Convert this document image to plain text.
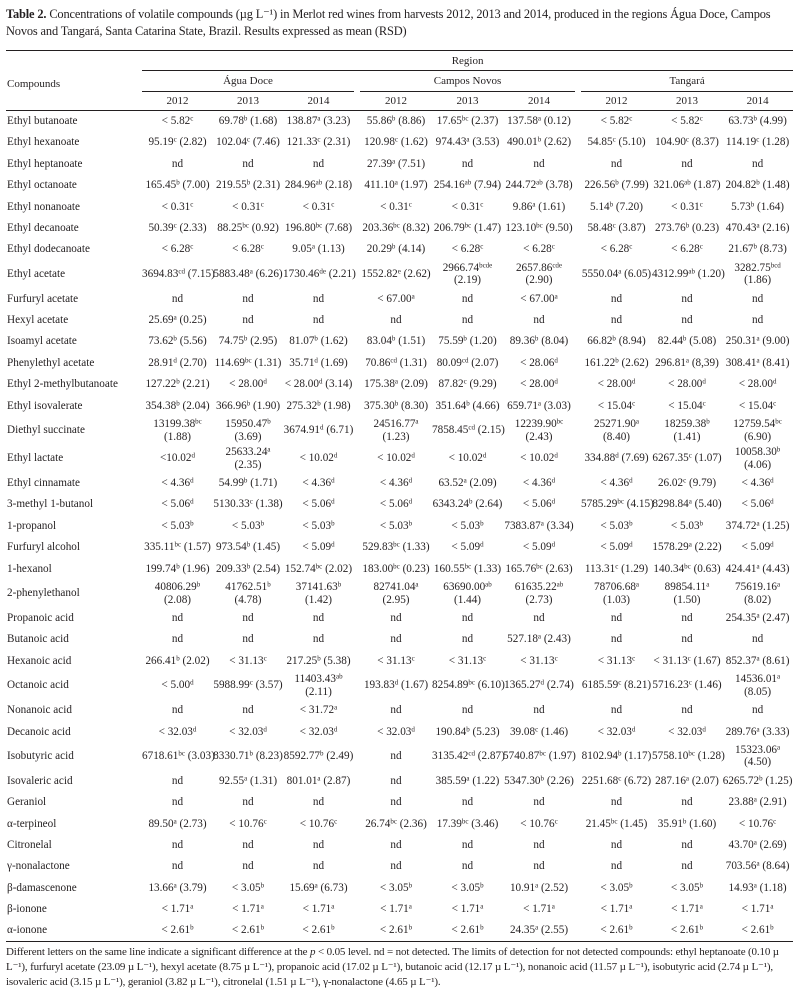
Table 2. Concentrations of volatile compounds (µg L⁻¹) in Merlot red wines from harvests 2012, 2013 and 2014, produced in the regions Água Doce, Campos Novos and Tangará, Santa Catarina State, Brazil. Results expressed as mean (RSD)

Compounds	Region
Água Doce		Campos Novos		Tangará
	2012	2013	2014		2012	2013	2014		2012	2013	2014
Ethyl butanoate	< 5.82$^c$	69.78$^b$ (1.68)	138.87$^a$ (3.23)		55.86$^b$ (8.86)	17.65$^{bc}$ (2.37)	137.58$^a$ (0.12)		< 5.82$^c$	< 5.82$^c$	63.73$^b$ (4.99)
Ethyl hexanoate	95.19$^c$ (2.82)	102.04$^c$ (7.46)	121.33$^c$ (2.31)		120.98$^c$ (1.62)	974.43$^a$ (3.53)	490.01$^b$ (2.62)		54.85$^c$ (5.10)	104.90$^c$ (8.37)	114.19$^c$ (1.28)
Ethyl heptanoate	nd	nd	nd		27.39$^a$ (7.51)	nd	nd		nd	nd	nd
Ethyl octanoate	165.45$^b$ (7.00)	219.55$^b$ (2.31)	284.96$^{ab}$ (2.18)		411.10$^a$ (1.97)	254.16$^{ab}$ (7.94)	244.72$^{ab}$ (3.78)		226.56$^b$ (7.99)	321.06$^{ab}$ (1.87)	204.82$^b$ (1.48)
Ethyl nonanoate	< 0.31$^c$	< 0.31$^c$	< 0.31$^c$		< 0.31$^c$	< 0.31$^c$	9.86$^a$ (1.61)		5.14$^b$ (7.20)	< 0.31$^c$	5.73$^b$ (1.64)
Ethyl decanoate	50.39$^c$ (2.33)	88.25$^{bc}$ (0.92)	196.80$^{bc}$ (7.68)		203.36$^{bc}$ (8.32)	206.79$^{bc}$ (1.47)	123.10$^{bc}$ (9.50)		58.48$^c$ (3.87)	273.76$^b$ (0.23)	470.43$^a$ (2.16)
Ethyl dodecanoate	< 6.28$^c$	< 6.28$^c$	9.05$^a$ (1.13)		20.29$^b$ (4.14)	< 6.28$^c$	< 6.28$^c$		< 6.28$^c$	< 6.28$^c$	21.67$^b$ (8.73)
Ethyl acetate	3694.83$^{cd}$ (7.15)	5883.48$^a$ (6.26)	1730.46de (2.21)		1552.82e (2.62)	$2966.74^{bcde}$
(2.19)	2657.86$^{cde}$
(2.90)		5550.04$^a$ (6.05)	4312.99$^{ab}$ (1.20)	3282.75$^{bcd}$
(1.86)
Furfuryl acetate	nd	nd	nd		< 67.00$^a$	nd	< 67.00$^a$		nd	nd	nd
Hexyl acetate	25.69$^a$ (0.25)	nd	nd		nd	nd	nd		nd	nd	nd
Isoamyl acetate	73.62$^b$ (5.56)	74.75$^b$ (2.95)	81.07$^b$ (1.62)		83.04$^b$ (1.51)	75.59$^b$ (1.20)	89.36$^b$ (8.04)		66.82$^b$ (8.94)	82.44$^b$ (5.08)	250.31$^a$ (9.00)
Phenylethyl acetate	28.91$^d$ (2.70)	114.69$^{bc}$ (1.31)	35.71$^d$ (1.69)		70.86$^{cd}$ (1.31)	80.09$^{cd}$ (2.07)	< 28.06$^d$		161.22$^b$ (2.62)	296.81$^a$ (8,39)	308.41$^a$ (8.41)
Ethyl 2-methylbutanoate	127.22$^b$ (2.21)	< 28.00$^d$	< 28.00$^d$ (3.14)		175.38$^a$ (2.09)	87.82$^c$ (9.29)	< 28.00$^d$		< 28.00$^d$	< 28.00$^d$	< 28.00$^d$
Ethyl isovalerate	354.38$^b$ (2.04)	366.96$^b$ (1.90)	275.32$^b$ (1.98)		375.30$^b$ (8.30)	351.64$^b$ (4.66)	659.71$^a$ (3.03)		< 15.04$^c$	< 15.04$^c$	< 15.04$^c$
Diethyl succinate	13199.38$^{bc}$
(1.88)	15950.47$^b$
(3.69)	3674.91$^d$ (6.71)		24516.77$^a$
(1.23)	7858.45$^{cd}$ (2.15)	12239.90$^{bc}$
(2.43)		25271.90$^a$
(8.40)	18259.38$^b$
(1.41)	12759.54$^{bc}$
(6.90)
Ethyl lactate	<10.02$^d$	25633.24$^a$
(2.35)	< 10.02$^d$		< 10.02$^d$	< 10.02$^d$	< 10.02$^d$		334.88$^d$ (7.69)	6267.35$^c$ (1.07)	10058.30$^b$
(4.06)
Ethyl cinnamate	< 4.36$^d$	54.99$^b$ (1.71)	< 4.36$^d$		< 4.36$^d$	63.52$^a$ (2.09)	< 4.36$^d$		< 4.36$^d$	26.02$^c$ (9.79)	< 4.36$^d$
3-methyl 1-butanol	< 5.06$^d$	5130.33$^c$ (1.38)	< 5.06$^d$		< 5.06$^d$	6343.24$^b$ (2.64)	< 5.06$^d$		5785.29$^{bc}$ (4.15)	8298.84$^a$ (5.40)	< 5.06$^d$
1-propanol	< 5.03$^b$	< 5.03$^b$	< 5.03$^b$		< 5.03$^b$	< 5.03$^b$	7383.87$^a$ (3.34)		< 5.03$^b$	< 5.03$^b$	374.72$^a$ (1.25)
Furfuryl alcohol	335.11$^{bc}$ (1.57)	973.54$^b$ (1.45)	< 5.09$^d$		529.83$^{bc}$ (1.33)	< 5.09$^d$	< 5.09$^d$		< 5.09$^d$	1578.29$^a$ (2.22)	< 5.09$^d$
1-hexanol	199.74$^b$ (1.96)	209.33$^b$ (2.54)	152.74$^{bc}$ (2.02)		183.00$^{bc}$ (0.23)	160.55$^{bc}$ (1.33)	165.76$^{bc}$ (2.63)		113.31$^c$ (1.29)	140.34$^{bc}$ (0.63)	424.41$^a$ (4.43)
2-phenylethanol	40806.29$^b$
(2.08)	41762.51$^b$
(4.78)	37141.63$^b$
(1.42)		82741.04$^a$
(2.95)	63690.00$^{ab}$
(1.44)	61635.22$^{ab}$
(2.73)		78706.68$^a$
(1.03)	89854.11$^a$
(1.50)	75619.16$^a$
(8.02)
Propanoic acid	nd	nd	nd		nd	nd	nd		nd	nd	254.35$^a$ (2.47)
Butanoic acid	nd	nd	nd		nd	nd	527.18$^a$ (2.43)		nd	nd	nd
Hexanoic acid	266.41$^b$ (2.02)	< 31.13$^c$	217.25$^b$ (5.38)		< 31.13$^c$	< 31.13$^c$	< 31.13$^c$		< 31.13$^c$	< 31.13$^c$ (1.67)	852.37$^a$ (8.61)
Octanoic acid	< 5.00$^d$	5988.99$^c$ (3.57)	11403.43$^{ab}$
(2.11)		193.83$^d$ (1.67)	8254.89$^{bc}$ (6.10)	1365.27$^d$ (2.74)		6185.59$^c$ (8.21)	5716.23$^c$ (1.46)	14536.01$^a$
(8.05)
Nonanoic acid	nd	nd	< 31.72$^a$		nd	nd	nd		nd	nd	nd
Decanoic acid	< 32.03$^d$	< 32.03$^d$	< 32.03$^d$		< 32.03$^d$	190.84$^b$ (5.23)	39.08$^c$ (1.46)		< 32.03$^d$	< 32.03$^d$	289.76$^a$ (3.33)
Isobutyric acid	6718.61$^{bc}$ (3.03)	8330.71$^b$ (8.23)	8592.77$^b$ (2.49)		nd	3135.42$^{cd}$ (2.87)	5740.87$^{bc}$ (1.97)		8102.94$^b$ (1.17)	5758.10$^{bc}$ (1.28)	15323.06$^a$
(4.50)
Isovaleric acid	nd	92.55$^a$ (1.31)	801.01$^a$ (2.87)		nd	385.59$^a$ (1.22)	5347.30$^b$ (2.26)		2251.68$^c$ (6.72)	287.16$^a$ (2.07)	6265.72$^b$ (1.25)
Geraniol	nd	nd	nd		nd	nd	nd		nd	nd	23.88$^a$ (2.91)
α-terpineol	89.50$^a$ (2.73)	< 10.76$^c$	< 10.76$^c$		26.74$^{bc}$ (2.36)	17.39$^{bc}$ (3.46)	< 10.76$^c$		21.45$^{bc}$ (1.45)	35.91$^b$ (1.60)	< 10.76$^c$
Citronelal	nd	nd	nd		nd	nd	nd		nd	nd	43.70$^a$ (2.69)
γ-nonalactone	nd	nd	nd		nd	nd	nd		nd	nd	703.56$^a$ (8.64)
β-damascenone	13.66$^a$ (3.79)	< 3.05$^b$	15.69$^a$ (6.73)		< 3.05$^b$	< 3.05$^b$	10.91$^a$ (2.52)		< 3.05$^b$	< 3.05$^b$	14.93$^a$ (1.18)
β-ionone	< 1.71$^a$	< 1.71$^a$	< 1.71$^a$		< 1.71$^a$	< 1.71$^a$	< 1.71$^a$		< 1.71$^a$	< 1.71$^a$	< 1.71$^a$
α-ionone	< 2.61$^b$	< 2.61$^b$	< 2.61$^b$		< 2.61$^b$	< 2.61$^b$	24.35$^a$ (2.55)		< 2.61$^b$	< 2.61$^b$	< 2.61$^b$

Different letters on the same line indicate a significant difference at the p < 0.05 level. nd = not detected. The limits of detection for not detected compounds: ethyl heptanoate (0.10 µ L⁻¹), furfuryl acetate (23.09 µ L⁻¹), hexyl acetate (8.75 µ L⁻¹), propanoic acid (17.02 µ L⁻¹), butanoic acid (12.17 µ L⁻¹), nonanoic acid (11.57 µ L⁻¹), isobutyric acid (2.74 µ L⁻¹), isovaleric acid (3.15 µ L⁻¹), geraniol (3.82 µ L⁻¹), citronelal (1.51 µ L⁻¹), γ-nonalactone (4.65 µ L⁻¹).
